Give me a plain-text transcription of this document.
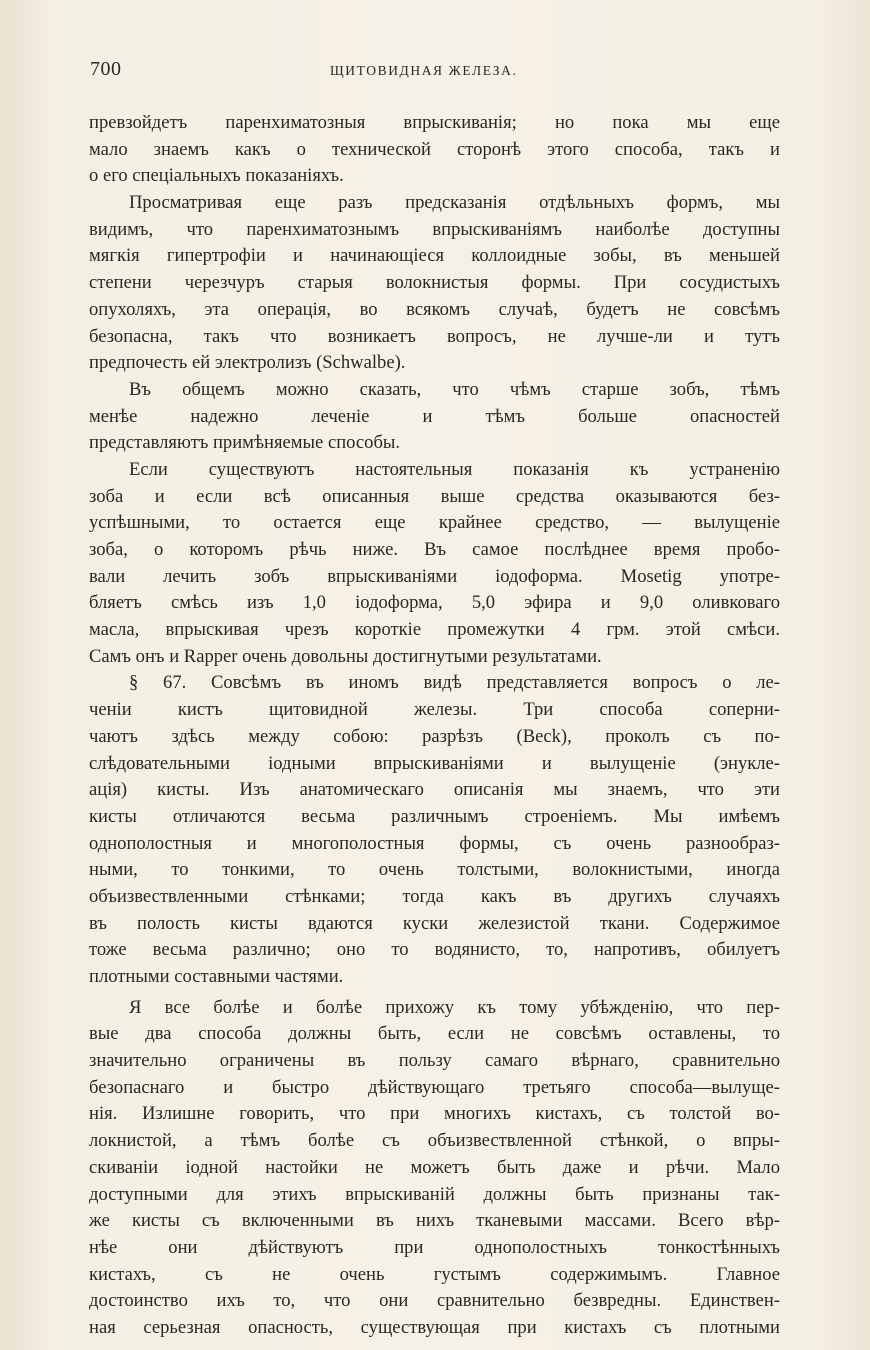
700	ЩИТОВИДНАЯ ЖЕЛЕЗА.
превзойдетъ паренхиматозныя впрыскиванія; но пока мы еще
мало знаемъ какъ о технической сторонѣ этого способа, такъ и
о его спеціальныхъ показаніяхъ.
Просматривая еще разъ предсказанія отдѣльныхъ формъ, мы
видимъ, что паренхиматознымъ впрыскиваніямъ наиболѣе доступны
мягкія гипертрофіи и начинающіеся коллоидные зобы, въ меньшей
степени черезчуръ старыя волокнистыя формы. При сосудистыхъ
опухоляхъ, эта операція, во всякомъ случаѣ, будетъ не совсѣмъ
безопасна, такъ что возникаетъ вопросъ, не лучше-ли и тутъ
предпочесть ей электролизъ (Schwalbe).
Въ общемъ можно сказать, что чѣмъ старше зобъ, тѣмъ
менѣе надежно леченіе и тѣмъ больше опасностей
представляютъ примѣняемые способы.
Если существуютъ настоятельныя показанія къ устраненію
зоба и если всѣ описанныя выше средства оказываются без-
успѣшными, то остается еще крайнее средство, — вылущеніе
зоба, о которомъ рѣчь ниже. Въ самое послѣднее время пробо-
вали лечить зобъ впрыскиваніями іодоформа. Mosetig употре-
бляетъ смѣсь изъ 1,0 іодоформа, 5,0 эфира и 9,0 оливковаго
масла, впрыскивая чрезъ короткіе промежутки 4 грм. этой смѣси.
Самъ онъ и Rapper очень довольны достигнутыми результатами.
§ 67. Совсѣмъ въ иномъ видѣ представляется вопросъ о ле-
ченіи кистъ щитовидной железы. Три способа соперни-
чаютъ здѣсь между собою: разрѣзъ (Beck), проколъ съ по-
слѣдовательными іодными впрыскиваніями и вылущеніе (энукле-
ація) кисты. Изъ анатомическаго описанія мы знаемъ, что эти
кисты отличаются весьма различнымъ строеніемъ. Мы имѣемъ
однополостныя и многополостныя формы, съ очень разнообраз-
ными, то тонкими, то очень толстыми, волокнистыми, иногда
объизвествленными стѣнками; тогда какъ въ другихъ случаяхъ
въ полость кисты вдаются куски железистой ткани. Содержимое
тоже весьма различно; оно то водянисто, то, напротивъ, обилуетъ
плотными составными частями.
Я все болѣе и болѣе прихожу къ тому убѣжденію, что пер-
вые два способа должны быть, если не совсѣмъ оставлены, то
значительно ограничены въ пользу самаго вѣрнаго, сравнительно
безопаснаго и быстро дѣйствующаго третьяго способа—вылуще-
нія. Излишне говорить, что при многихъ кистахъ, съ толстой во-
локнистой, а тѣмъ болѣе съ объизвествленной стѣнкой, о впры-
скиваніи іодной настойки не можетъ быть даже и рѣчи. Мало
доступными для этихъ впрыскиваній должны быть признаны так-
же кисты съ включенными въ нихъ тканевыми массами. Всего вѣр-
нѣе они дѣйствуютъ при однополостныхъ тонкостѣнныхъ
кистахъ, съ не очень густымъ содержимымъ. Главное
достоинство ихъ то, что они сравнительно безвредны. Единствен-
ная серьезная опасность, существующая при кистахъ съ плотными
